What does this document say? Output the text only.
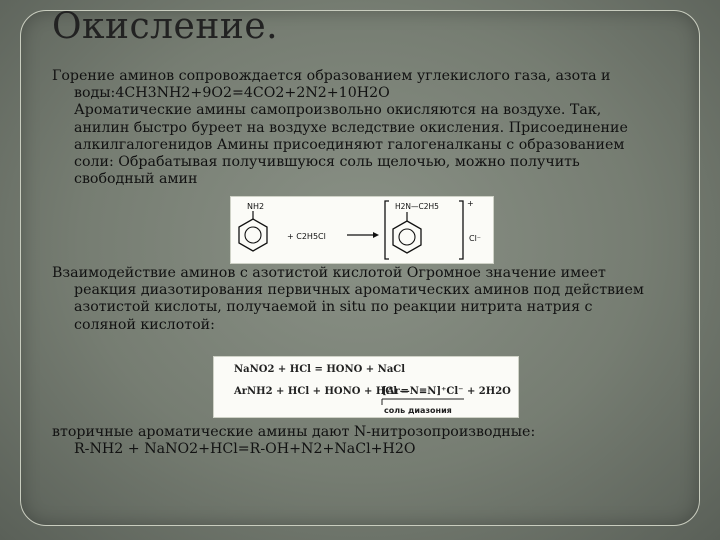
Окисление.
Горение аминов сопровождается образованием углекислого газа, азота и
воды:4CH3NH2+9O2=4CO2+2N2+10H2O
Ароматические амины самопроизвольно окисляются на воздухе. Так,
анилин быстро буреет на воздухе вследствие окисления. Присоединение
алкилгалогенидов Амины присоединяют галогеналканы с образованием
соли: Обрабатывая получившуюся соль щелочью, можно получить
свободный амин
NH2
+ C2H5Cl
H2N—C2H5	+
Cl⁻
Взаимодействие аминов с азотистой кислотой Огромное значение имеет
реакция диазотирования первичных ароматических аминов под действием
азотистой кислоты, получаемой in situ по реакции нитрита натрия с
соляной кислотой:
NaNO2 + HCl = HONO + NaCl
ArNH2 + HCl + HONO + HCl =
[Ar—N≡N]⁺Cl⁻ + 2H2O
соль диазония
вторичные ароматические амины дают N-нитрозопроизводные:
R-NH2 + NaNO2+HCl=R-OH+N2+NaCl+H2O
